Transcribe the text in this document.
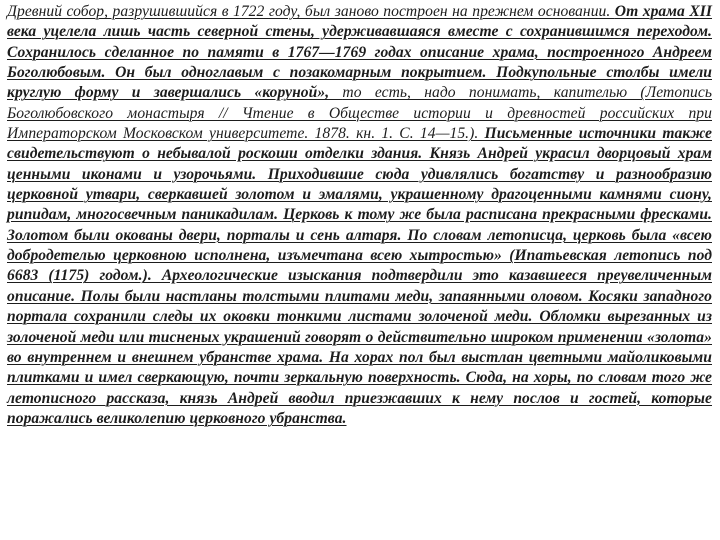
Древний собор, разрушившийся в 1722 году, был заново построен на прежнем основании. От храма XII века уцелела лишь часть северной стены, удерживавшаяся вместе с сохранившимся переходом. Сохранилось сделанное по памяти в 1767—1769 годах описание храма, построенного Андреем Боголюбовым. Он был одноглавым с позакомарным покрытием. Подкупольные столбы имели круглую форму и завершались «коруной», то есть, надо понимать, капителью (Летопись Боголюбовского монастыря // Чтение в Обществе истории и древностей российских при Императорском Московском университете. 1878. кн. 1. С. 14—15.). Письменные источники также свидетельствуют о небывалой роскоши отделки здания. Князь Андрей украсил дворцовый храм ценными иконами и узорочьями. Приходившие сюда удивлялись богатству и разнообразию церковной утвари, сверкавшей золотом и эмалями, украшенному драгоценными камнями сиону, рипидам, многосвечным паникадилам. Церковь к тому же была расписана прекрасными фресками. Золотом были окованы двери, порталы и сень алтаря. По словам летописца, церковь была «всею добродетелью церковною исполнена, изъмечтана всею хытростью» (Ипатьевская летопись под 6683 (1175) годом.). Археологические изыскания подтвердили это казавшееся преувеличенным описание. Полы были настланы толстыми плитами меди, запаянными оловом. Косяки западного портала сохранили следы их оковки тонкими листами золоченой меди. Обломки вырезанных из золоченой меди или тисненых украшений говорят о действительно широком применении «золота» во внутреннем и внешнем убранстве храма. На хорах пол был выстлан цветными майоликовыми плитками и имел сверкающую, почти зеркальную поверхность. Сюда, на хоры, по словам того же летописного рассказа, князь Андрей вводил приезжавших к нему послов и гостей, которые поражались великолепию церковного убранства.
